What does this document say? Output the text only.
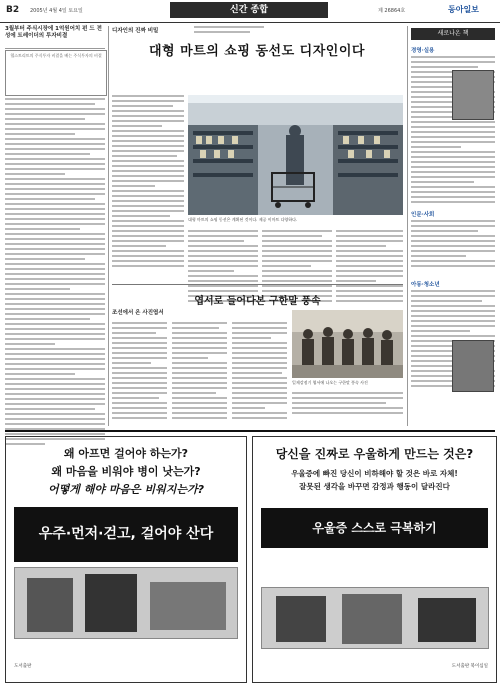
B2 2005년 4월 4일 토요일	신간 종합	제 26864호	동아일보
3월부터 주식시장에 1억원어치 펀 드 전성에 트레이더의 투자비결
헬스트리트의 주식투자 비결을 배는 주식투자의 비결
디자인의 진짜 비밀
대형 마트의 쇼핑 동선도 디자인이다
대형 마트의 쇼핑 동선은 계획된 것이다. 제공 이마트 다양하다.
엽서로 들어다본 구한말 풍속
조선에서 온 사진엽서
일제강점기 엽서에 나오는 구한말 풍속 사진
새로나온 책
경영·실용
인문·사회
아동·청소년
왜 아프면 걸어야 하는가?
왜 마음을 비워야 병이 낫는가?
어떻게 해야 마음은 비워지는가?
우주·먼저·걷고, 걸어야 산다
도서출판
당신을 진짜로 우울하게 만드는 것은?
우울증에 빠진 당신이 비하해야 할 것은 바로 자체!
잘못된 생각을 바꾸면 감정과 행동이 달라진다
우울증 스스로 극복하기
도서출판 북이십일
